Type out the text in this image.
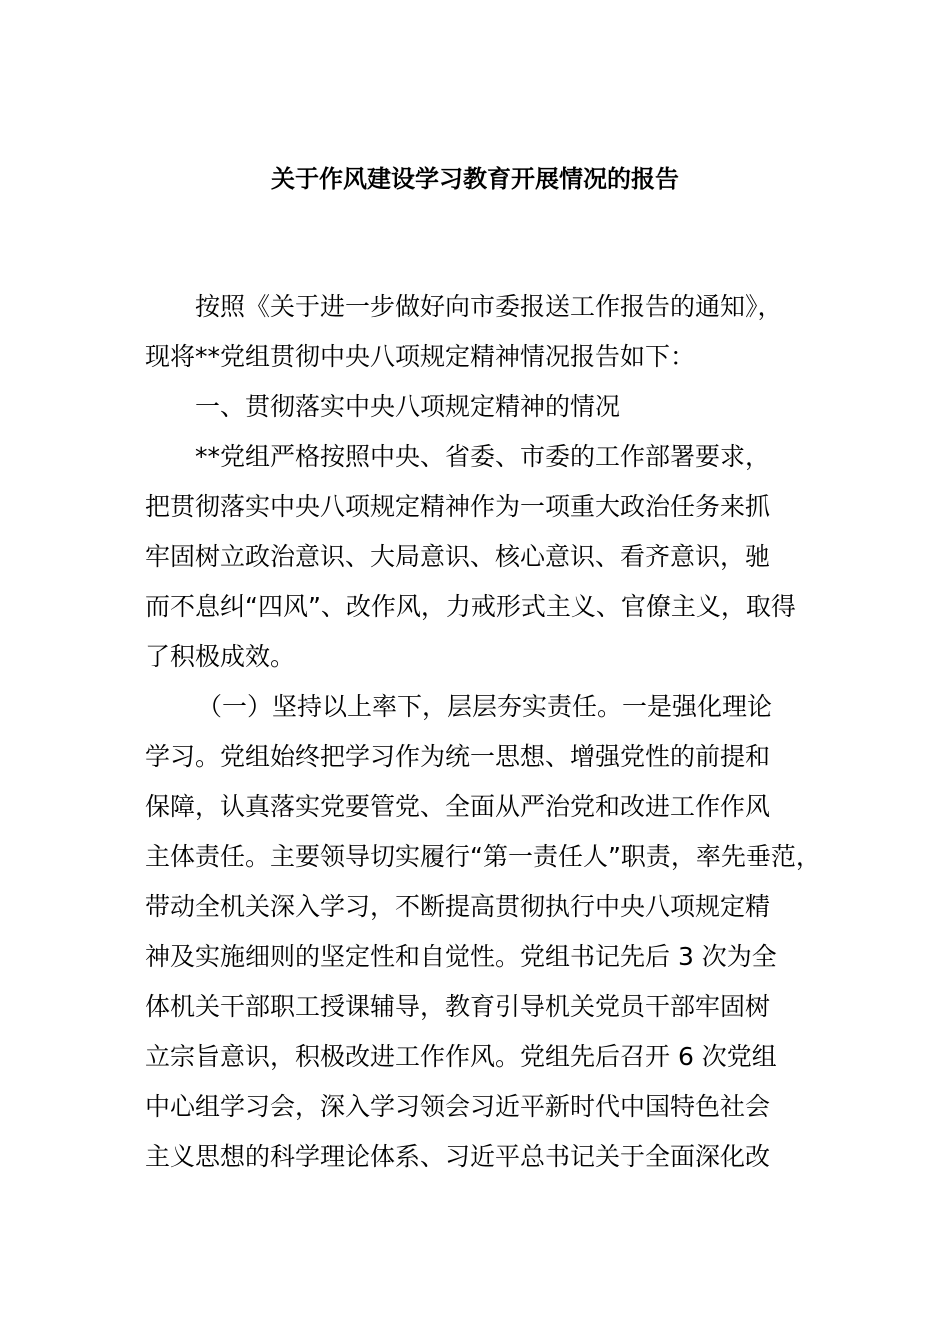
关于作风建设学习教育开展情况的报告
按照《关于进一步做好向市委报送工作报告的通知》，
现将**党组贯彻中央八项规定精神情况报告如下：
一、贯彻落实中央八项规定精神的情况
**党组严格按照中央、省委、市委的工作部署要求，
把贯彻落实中央八项规定精神作为一项重大政治任务来抓
牢固树立政治意识、大局意识、核心意识、看齐意识，驰
而不息纠“四风”、改作风，力戒形式主义、官僚主义，取得
了积极成效。
（一）坚持以上率下，层层夯实责任。一是强化理论
学习。党组始终把学习作为统一思想、增强党性的前提和
保障，认真落实党要管党、全面从严治党和改进工作作风
主体责任。主要领导切实履行“第一责任人”职责，率先垂范，
带动全机关深入学习，不断提高贯彻执行中央八项规定精
神及实施细则的坚定性和自觉性。党组书记先后 3 次为全
体机关干部职工授课辅导，教育引导机关党员干部牢固树
立宗旨意识，积极改进工作作风。党组先后召开 6 次党组
中心组学习会，深入学习领会习近平新时代中国特色社会
主义思想的科学理论体系、习近平总书记关于全面深化改
